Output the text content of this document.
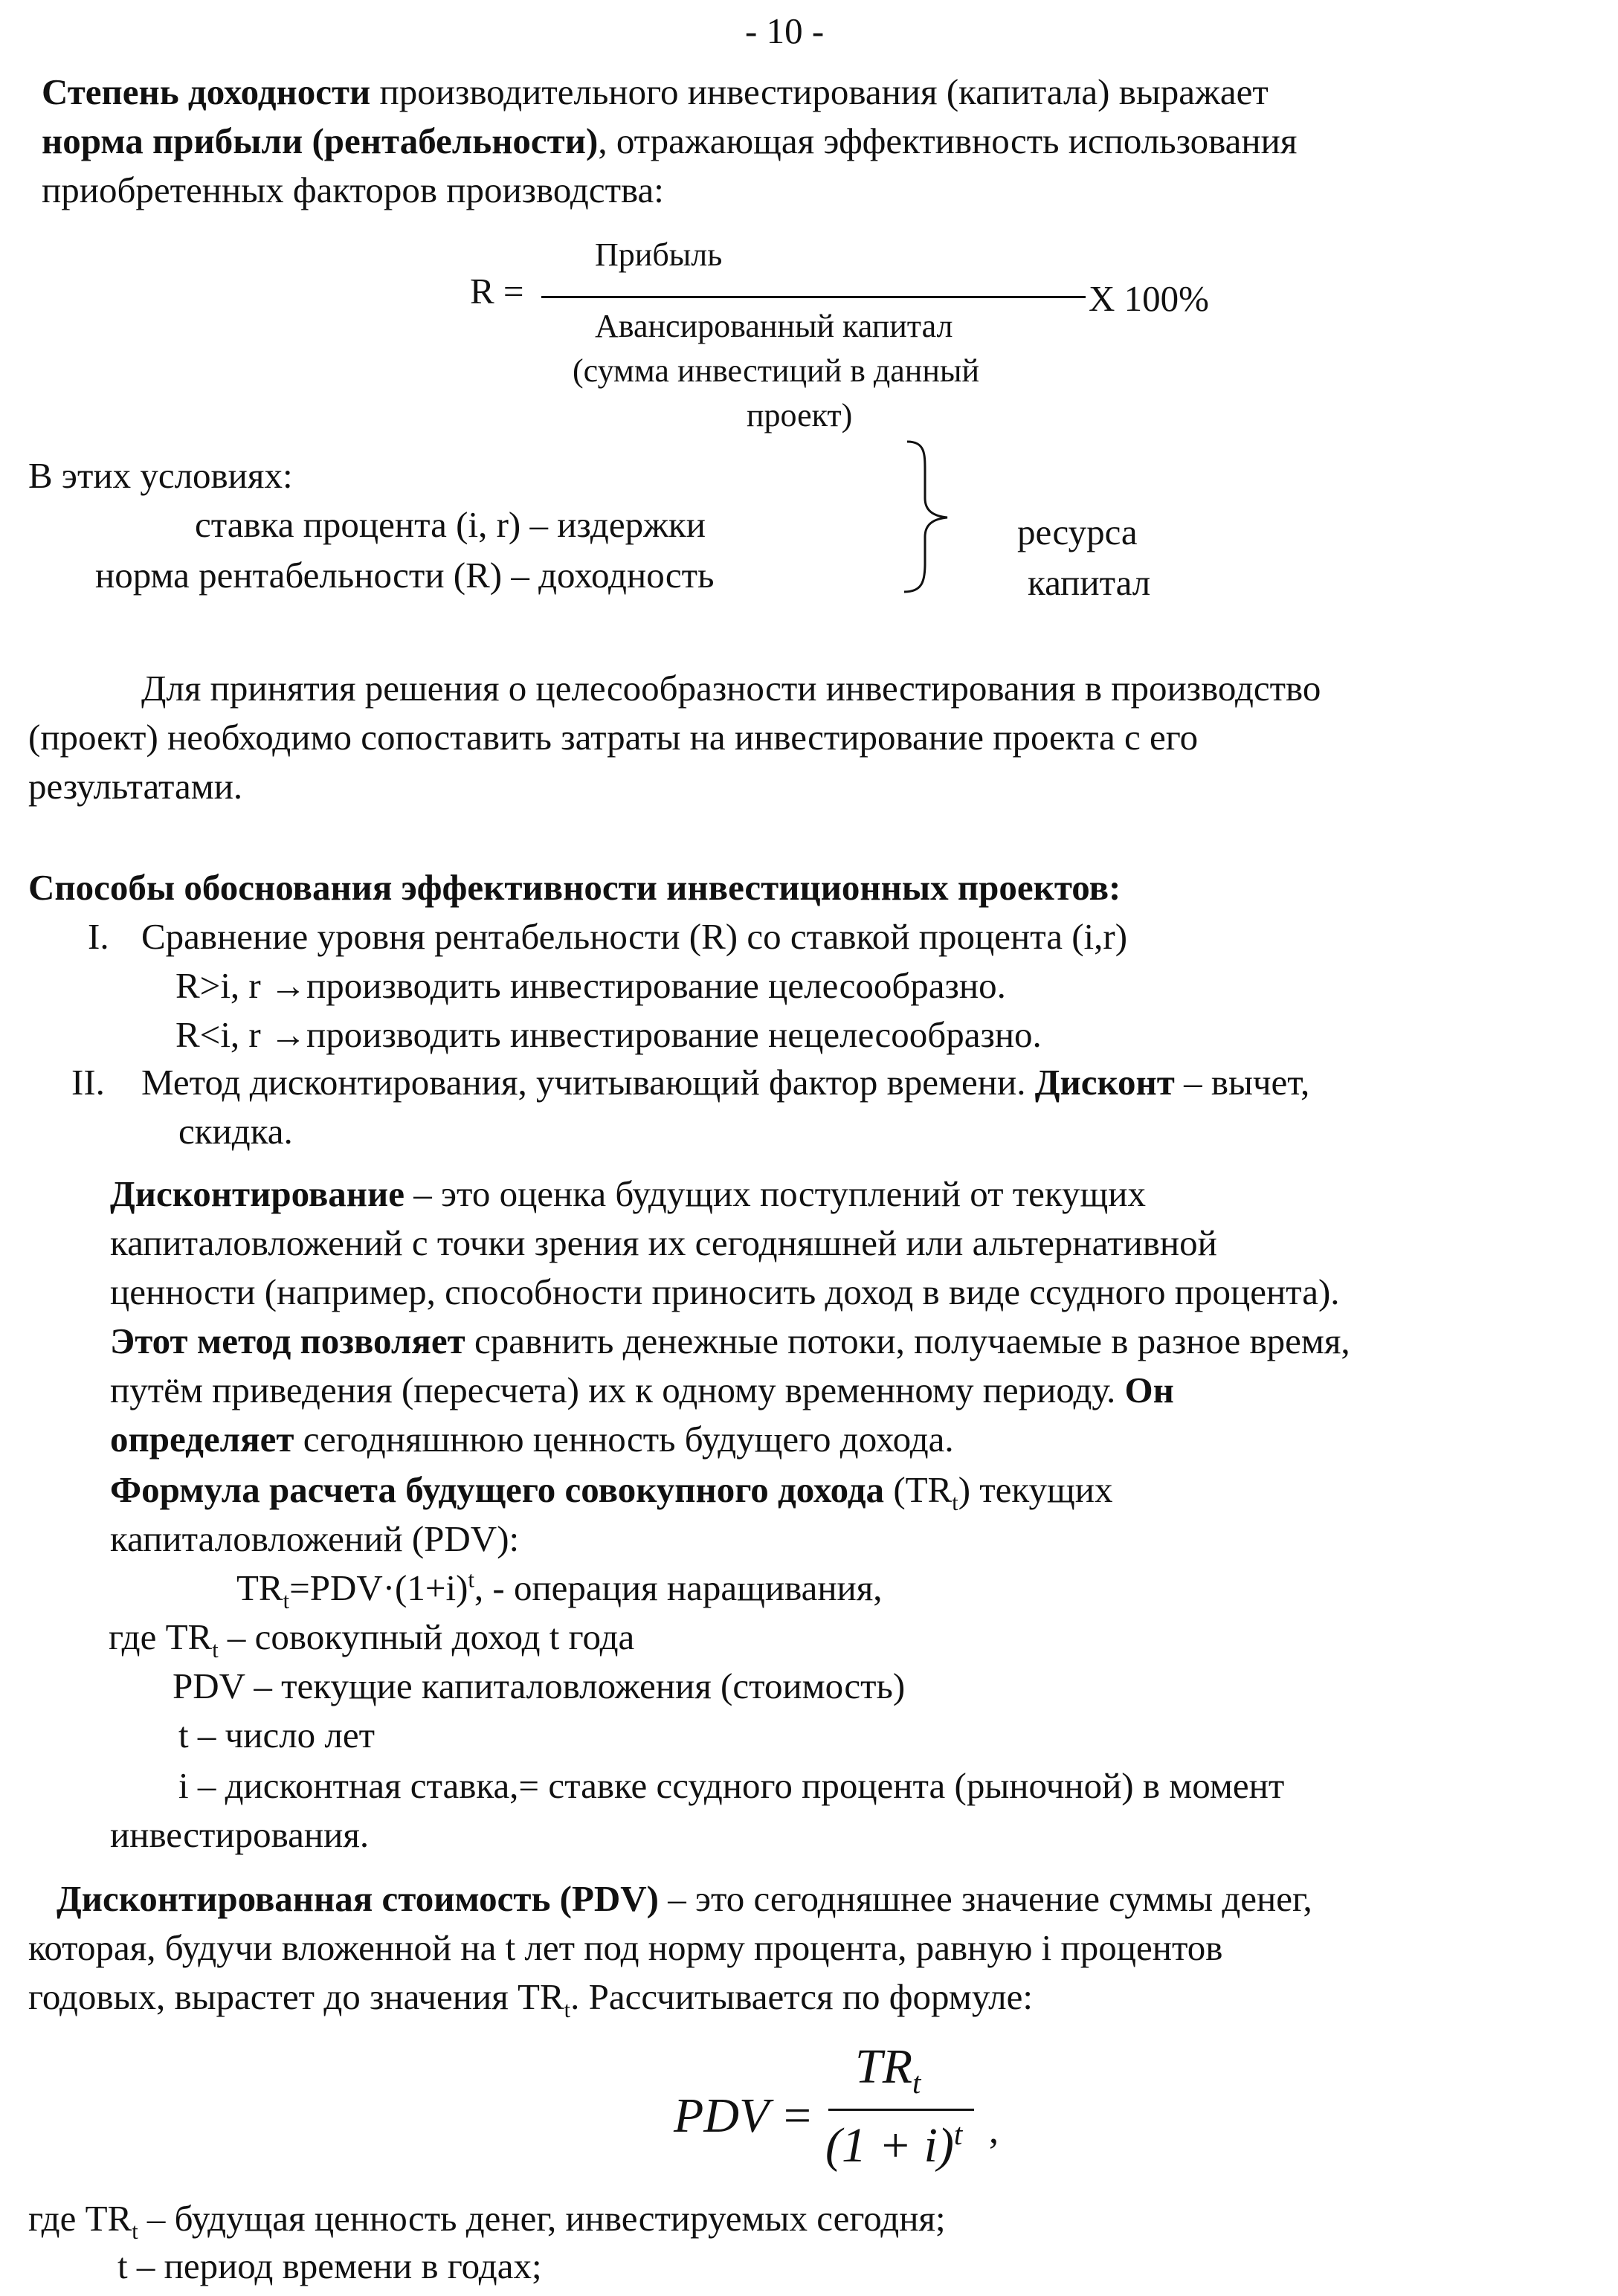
- 10 -
Степень доходности производительного инвестирования (капитала) выражает
норма прибыли (рентабельности), отражающая эффективность использования
приобретенных факторов производства:
R =
Прибыль
X 100%
Авансированный капитал
(сумма инвестиций в данный
проект)
В этих условиях:
ставка процента (i, r) – издержки
норма рентабельности (R) – доходность
ресурса
капитал
Для принятия решения о целесообразности инвестирования в производство
(проект) необходимо сопоставить затраты на инвестирование проекта с его
результатами.
Способы обоснования эффективности инвестиционных проектов:
I. Сравнение уровня рентабельности (R) со ставкой процента (i,r)
R>i, r →производить инвестирование целесообразно.
R<i, r →производить инвестирование нецелесообразно.
II. Метод дисконтирования, учитывающий фактор времени. Дисконт – вычет,
скидка.
Дисконтирование – это оценка будущих поступлений от текущих
капиталовложений с точки зрения их сегодняшней или альтернативной
ценности (например, способности приносить доход в виде ссудного процента).
Этот метод позволяет сравнить денежные потоки, получаемые в разное время,
путём приведения (пересчета) их к одному временному периоду. Он
определяет сегодняшнюю ценность будущего дохода.
Формула расчета будущего совокупного дохода $(TR_t)$ текущих
капиталовложений (PDV):
$TR_t=PDV\cdot(1+i)^t$, - операция наращивания,
где $TR_t$ – совокупный доход t года
PDV – текущие капиталовложения (стоимость)
t – число лет
i – дисконтная ставка,= ставке ссудного процента (рыночной) в момент
инвестирования.
Дисконтированная стоимость (PDV) – это сегодняшнее значение суммы денег,
которая, будучи вложенной на t лет под норму процента, равную i процентов
годовых, вырастет до значения $TR_t$. Рассчитывается по формуле:
PDV =
$TR_t$
$(1 + i)^t$ ,
где $TR_t$ – будущая ценность денег, инвестируемых сегодня;
t – период времени в годах;
